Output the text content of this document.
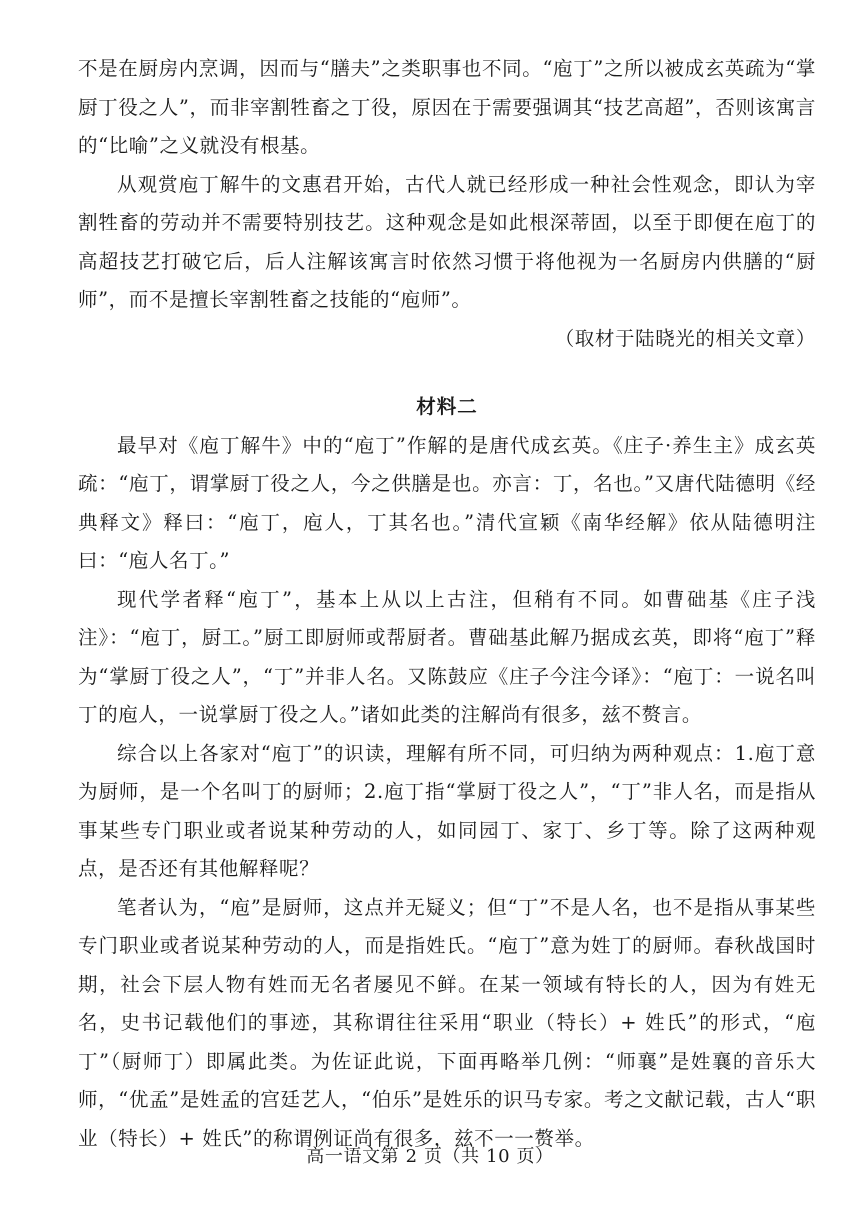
不是在厨房内烹调，因而与“膳夫”之类职事也不同。“庖丁”之所以被成玄英疏为“掌厨丁役之人”，而非宰割牲畜之丁役，原因在于需要强调其“技艺高超”，否则该寓言的“比喻”之义就没有根基。

从观赏庖丁解牛的文惠君开始，古代人就已经形成一种社会性观念，即认为宰割牲畜的劳动并不需要特别技艺。这种观念是如此根深蒂固，以至于即便在庖丁的高超技艺打破它后，后人注解该寓言时依然习惯于将他视为一名厨房内供膳的“厨师”，而不是擅长宰割牲畜之技能的“庖师”。

（取材于陆晓光的相关文章）

材料二

最早对《庖丁解牛》中的“庖丁”作解的是唐代成玄英。《庄子·养生主》成玄英疏：“庖丁，谓掌厨丁役之人，今之供膳是也。亦言：丁，名也。”又唐代陆德明《经典释文》释曰：“庖丁，庖人，丁其名也。”清代宣颖《南华经解》依从陆德明注曰：“庖人名丁。”

现代学者释“庖丁”，基本上从以上古注，但稍有不同。如曹础基《庄子浅注》：“庖丁，厨工。”厨工即厨师或帮厨者。曹础基此解乃据成玄英，即将“庖丁”释为“掌厨丁役之人”，“丁”并非人名。又陈鼓应《庄子今注今译》：“庖丁：一说名叫丁的庖人，一说掌厨丁役之人。”诸如此类的注解尚有很多，兹不赘言。

综合以上各家对“庖丁”的识读，理解有所不同，可归纳为两种观点：1.庖丁意为厨师，是一个名叫丁的厨师；2.庖丁指“掌厨丁役之人”，“丁”非人名，而是指从事某些专门职业或者说某种劳动的人，如同园丁、家丁、乡丁等。除了这两种观点，是否还有其他解释呢？

笔者认为，“庖”是厨师，这点并无疑义；但“丁”不是人名，也不是指从事某些专门职业或者说某种劳动的人，而是指姓氏。“庖丁”意为姓丁的厨师。春秋战国时期，社会下层人物有姓而无名者屡见不鲜。在某一领域有特长的人，因为有姓无名，史书记载他们的事迹，其称谓往往采用“职业（特长）+ 姓氏”的形式，“庖丁”（厨师丁）即属此类。为佐证此说，下面再略举几例：“师襄”是姓襄的音乐大师，“优孟”是姓孟的宫廷艺人，“伯乐”是姓乐的识马专家。考之文献记载，古人“职业（特长）+ 姓氏”的称谓例证尚有很多，兹不一一赘举。

高一语文第 2 页（共 10 页）
